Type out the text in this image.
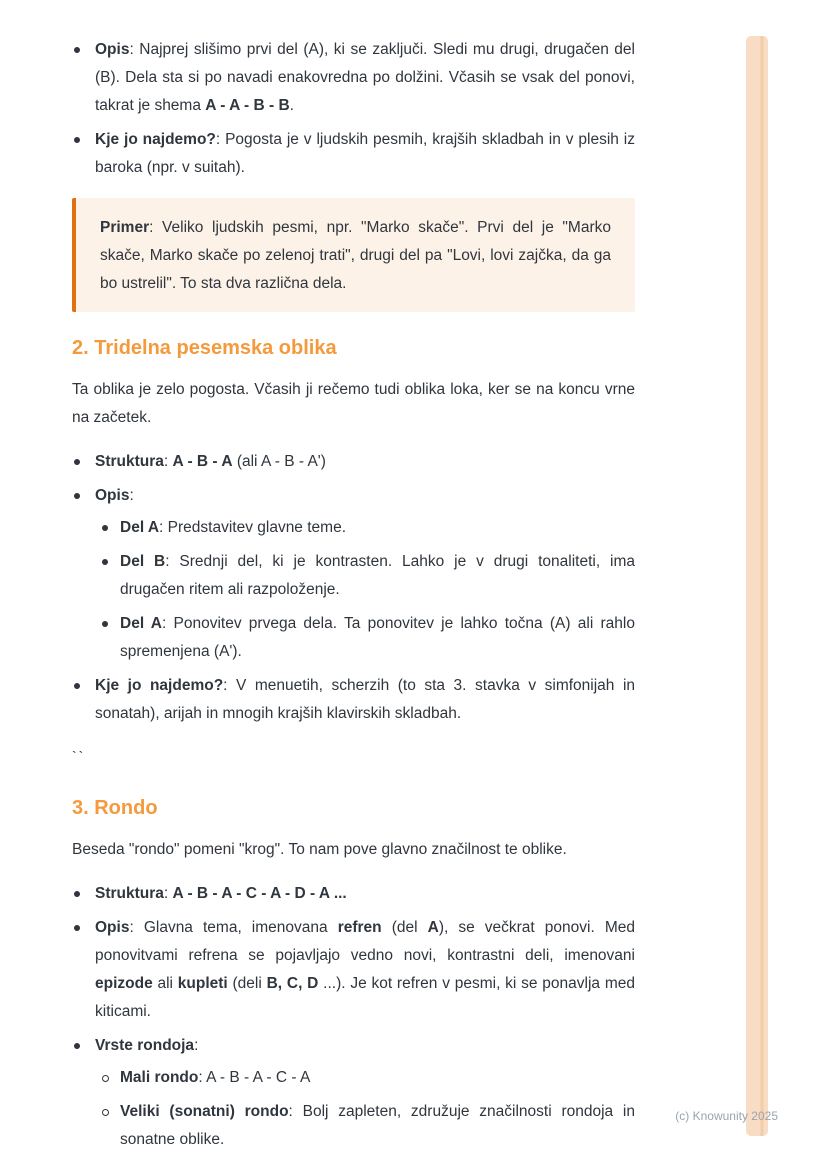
Opis: Najprej slišimo prvi del (A), ki se zaključi. Sledi mu drugi, drugačen del (B). Dela sta si po navadi enakovredna po dolžini. Včasih se vsak del ponovi, takrat je shema A - A - B - B.
Kje jo najdemo?: Pogosta je v ljudskih pesmih, krajših skladbah in v plesih iz baroka (npr. v suitah).

Primer: Veliko ljudskih pesmi, npr. "Marko skače". Prvi del je "Marko skače, Marko skače po zelenoj trati", drugi del pa "Lovi, lovi zajčka, da ga bo ustrelil". To sta dva različna dela.

2. Tridelna pesemska oblika

Ta oblika je zelo pogosta. Včasih ji rečemo tudi oblika loka, ker se na koncu vrne na začetek.

Struktura: A - B - A (ali A - B - A')
Opis:
Del A: Predstavitev glavne teme.
Del B: Srednji del, ki je kontrasten. Lahko je v drugi tonaliteti, ima drugačen ritem ali razpoloženje.
Del A: Ponovitev prvega dela. Ta ponovitev je lahko točna (A) ali rahlo spremenjena (A').
Kje jo najdemo?: V menuetih, scherzih (to sta 3. stavka v simfonijah in sonatah), arijah in mnogih krajših klavirskih skladbah.

``

3. Rondo

Beseda "rondo" pomeni "krog". To nam pove glavno značilnost te oblike.

Struktura: A - B - A - C - A - D - A ...
Opis: Glavna tema, imenovana refren (del A), se večkrat ponovi. Med ponovitvami refrena se pojavljajo vedno novi, kontrastni deli, imenovani epizode ali kupleti (deli B, C, D ...). Je kot refren v pesmi, ki se ponavlja med kiticami.
Vrste rondoja:
Mali rondo: A - B - A - C - A
Veliki (sonatni) rondo: Bolj zapleten, združuje značilnosti rondoja in sonatne oblike.
(c) Knowunity 2025
